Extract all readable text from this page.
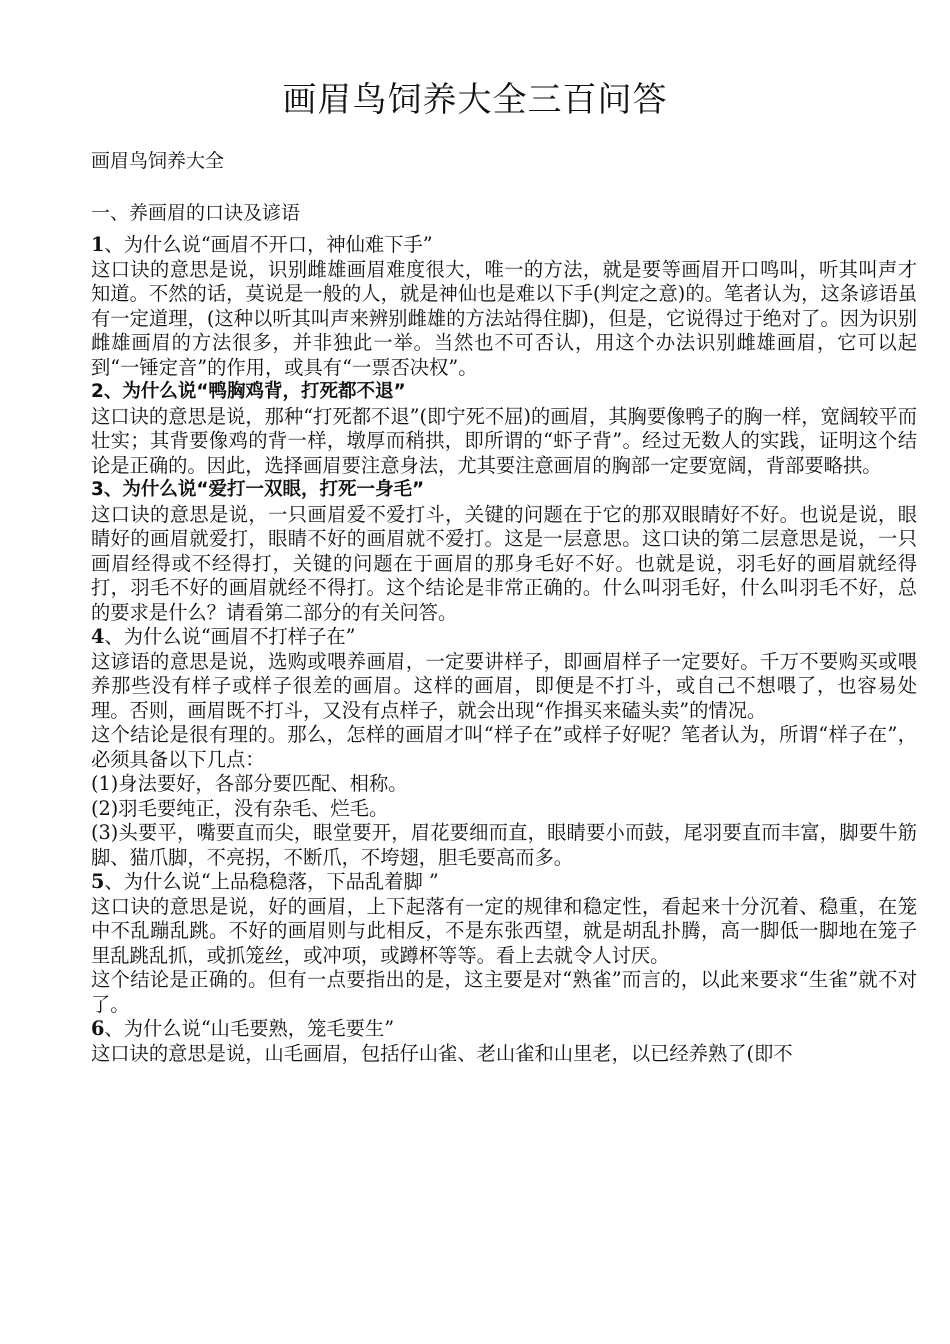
画眉鸟饲养大全三百问答
画眉鸟饲养大全
一、养画眉的口诀及谚语

1、为什么说“画眉不开口，神仙难下手”

这口诀的意思是说，识别雌雄画眉难度很大，唯一的方法，就是要等画眉开口鸣叫，听其叫声才知道。不然的话，莫说是一般的人，就是神仙也是难以下手(判定之意)的。笔者认为，这条谚语虽有一定道理，(这种以听其叫声来辨别雌雄的方法站得住脚)，但是，它说得过于绝对了。因为识别雌雄画眉的方法很多，并非独此一举。当然也不可否认，用这个办法识别雌雄画眉，它可以起到“一锤定音”的作用，或具有“一票否决权”。

2、为什么说“鸭胸鸡背，打死都不退”

这口诀的意思是说，那种“打死都不退”(即宁死不屈)的画眉，其胸要像鸭子的胸一样，宽阔较平而壮实；其背要像鸡的背一样，墩厚而稍拱，即所谓的“虾子背”。经过无数人的实践，证明这个结论是正确的。因此，选择画眉要注意身法，尤其要注意画眉的胸部一定要宽阔，背部要略拱。

3、为什么说“爱打一双眼，打死一身毛”

这口诀的意思是说，一只画眉爱不爱打斗，关键的问题在于它的那双眼睛好不好。也说是说，眼睛好的画眉就爱打，眼睛不好的画眉就不爱打。这是一层意思。这口诀的第二层意思是说，一只画眉经得或不经得打，关键的问题在于画眉的那身毛好不好。也就是说，羽毛好的画眉就经得打，羽毛不好的画眉就经不得打。这个结论是非常正确的。什么叫羽毛好，什么叫羽毛不好，总的要求是什么？请看第二部分的有关问答。

4、为什么说“画眉不打样子在”

这谚语的意思是说，选购或喂养画眉，一定要讲样子，即画眉样子一定要好。千万不要购买或喂养那些没有样子或样子很差的画眉。这样的画眉，即便是不打斗，或自己不想喂了，也容易处理。否则，画眉既不打斗，又没有点样子，就会出现“作揖买来磕头卖”的情况。

这个结论是很有理的。那么，怎样的画眉才叫“样子在”或样子好呢？笔者认为，所谓“样子在”，必须具备以下几点：

(1)身法要好，各部分要匹配、相称。

(2)羽毛要纯正，没有杂毛、烂毛。

(3)头要平，嘴要直而尖，眼堂要开，眉花要细而直，眼睛要小而鼓，尾羽要直而丰富，脚要牛筋脚、猫爪脚，不亮拐，不断爪，不垮翅，胆毛要高而多。

5、为什么说“上品稳稳落，下品乱着脚 ”

这口诀的意思是说，好的画眉，上下起落有一定的规律和稳定性，看起来十分沉着、稳重，在笼中不乱蹦乱跳。不好的画眉则与此相反，不是东张西望，就是胡乱扑腾，高一脚低一脚地在笼子里乱跳乱抓，或抓笼丝，或冲项，或蹲杯等等。看上去就令人讨厌。

这个结论是正确的。但有一点要指出的是，这主要是对“熟雀”而言的，以此来要求“生雀”就不对了。

6、为什么说“山毛要熟，笼毛要生”

这口诀的意思是说，山毛画眉，包括仔山雀、老山雀和山里老，以已经养熟了(即不
